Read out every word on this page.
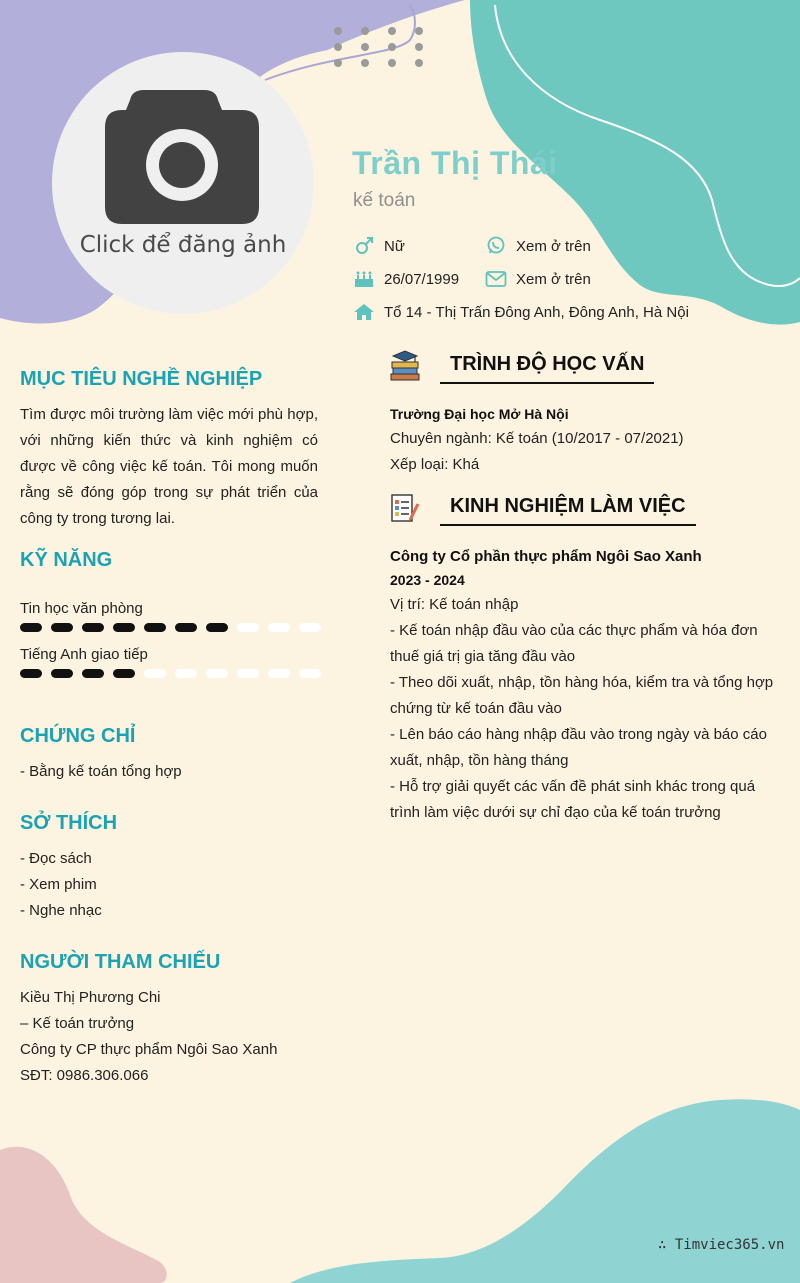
Click để đăng ảnh
Trần Thị Thái
kế toán
Nữ	Xem ở trên
26/07/1999	Xem ở trên
Tổ 14 - Thị Trấn Đông Anh, Đông Anh, Hà Nội
MỤC TIÊU NGHỀ NGHIỆP
Tìm được môi trường làm việc mới phù hợp, với những kiến thức và kinh nghiệm có được về công việc kế toán. Tôi mong muốn rằng sẽ đóng góp trong sự phát triển của công ty trong tương lai.
KỸ NĂNG
Tin học văn phòng
Tiếng Anh giao tiếp
CHỨNG CHỈ
- Bằng kế toán tổng hợp
SỞ THÍCH
- Đọc sách
- Xem phim
- Nghe nhạc
NGƯỜI THAM CHIẾU
Kiều Thị Phương Chi
– Kế toán trưởng
Công ty CP thực phẩm Ngôi Sao Xanh
SĐT: 0986.306.066
TRÌNH ĐỘ HỌC VẤN
Trường Đại học Mở Hà Nội
Chuyên ngành: Kế toán (10/2017 - 07/2021)
Xếp loại: Khá
KINH NGHIỆM LÀM VIỆC
Công ty Cổ phần thực phẩm Ngôi Sao Xanh
2023 - 2024
Vị trí: Kế toán nhập
- Kế toán nhập đầu vào của các thực phẩm và hóa đơn thuế giá trị gia tăng đầu vào
- Theo dõi xuất, nhập, tồn hàng hóa, kiểm tra và tổng hợp chứng từ kế toán đầu vào
- Lên báo cáo hàng nhập đầu vào trong ngày và báo cáo xuất, nhập, tồn hàng tháng
- Hỗ trợ giải quyết các vấn đề phát sinh khác trong quá trình làm việc dưới sự chỉ đạo của kế toán trưởng
∴ Timviec365.vn
